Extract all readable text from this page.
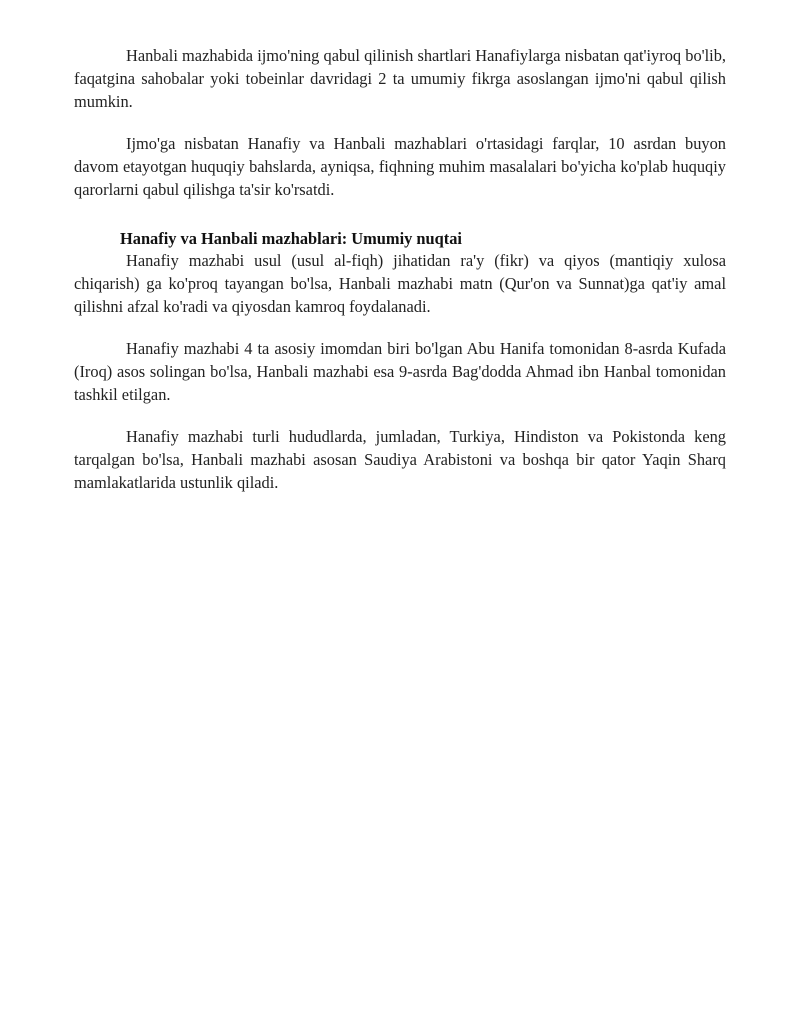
Hanbali mazhabida ijmo'ning qabul qilinish shartlari Hanafiylarga nisbatan qat'iyroq bo'lib, faqatgina sahobalar yoki tobeinlar davridagi 2 ta umumiy fikrga asoslangan ijmo'ni qabul qilish mumkin.

Ijmo'ga nisbatan Hanafiy va Hanbali mazhablari o'rtasidagi farqlar, 10 asrdan buyon davom etayotgan huquqiy bahslarda, ayniqsa, fiqhning muhim masalalari bo'yicha ko'plab huquqiy qarorlarni qabul qilishga ta'sir ko'rsatdi.

Hanafiy va Hanbali mazhablari: Umumiy nuqtai

Hanafiy mazhabi usul (usul al-fiqh) jihatidan ra'y (fikr) va qiyos (mantiqiy xulosa chiqarish) ga ko'proq tayangan bo'lsa, Hanbali mazhabi matn (Qur'on va Sunnat)ga qat'iy amal qilishni afzal ko'radi va qiyosdan kamroq foydalanadi.

Hanafiy mazhabi 4 ta asosiy imomdan biri bo'lgan Abu Hanifa tomonidan 8-asrda Kufada (Iroq) asos solingan bo'lsa, Hanbali mazhabi esa 9-asrda Bag'dodda Ahmad ibn Hanbal tomonidan tashkil etilgan.

Hanafiy mazhabi turli hududlarda, jumladan, Turkiya, Hindiston va Pokistonda keng tarqalgan bo'lsa, Hanbali mazhabi asosan Saudiya Arabistoni va boshqa bir qator Yaqin Sharq mamlakatlarida ustunlik qiladi.
